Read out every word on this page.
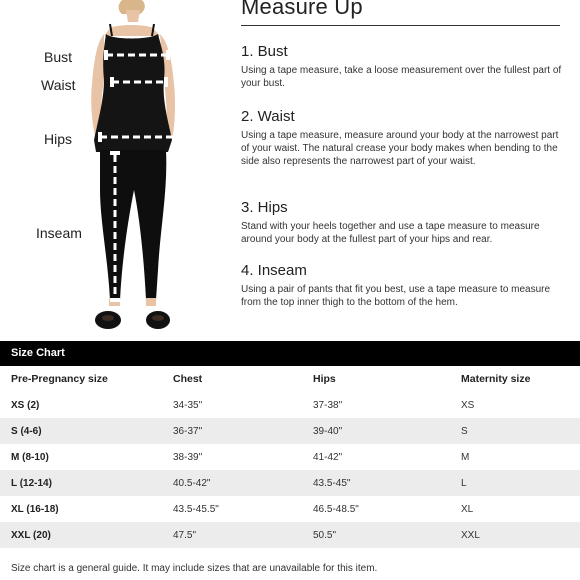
Bust
Waist
Hips
Inseam
Measure Up
1. Bust

Using a tape measure, take a loose measurement over the fullest part of your bust.

2. Waist

Using a tape measure, measure around your body at the narrowest part of your waist. The natural crease your body makes when bending to the side also represents the narrowest part of your waist.

3. Hips

Stand with your heels together and use a tape measure to measure around your body at the fullest part of your hips and rear.

4. Inseam

Using a pair of pants that fit you best, use a tape measure to measure from the top inner thigh to the bottom of the hem.

Size Chart
Pre-Pregnancy size	Chest	Hips	Maternity size
XS (2)	34-35"	37-38"	XS
S (4-6)	36-37"	39-40"	S
M (8-10)	38-39"	41-42"	M
L (12-14)	40.5-42"	43.5-45"	L
XL (16-18)	43.5-45.5"	46.5-48.5"	XL
XXL (20)	47.5"	50.5"	XXL
Size chart is a general guide. It may include sizes that are unavailable for this item.
